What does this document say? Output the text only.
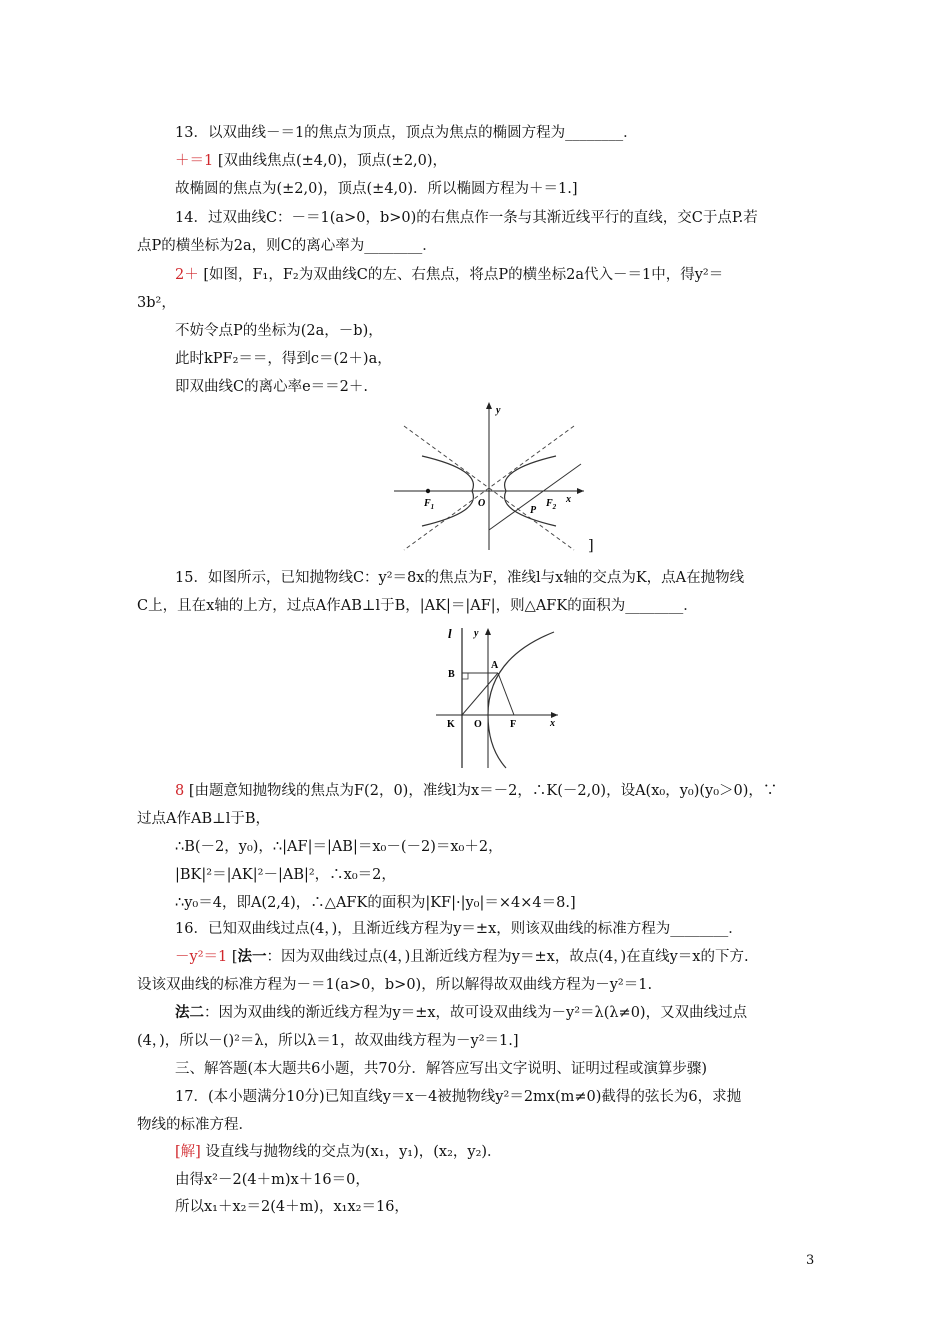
13．以双曲线－＝1的焦点为顶点，顶点为焦点的椭圆方程为________．
＋＝1 [双曲线焦点(±4,0)，顶点(±2,0)，
故椭圆的焦点为(±2,0)，顶点(±4,0)．所以椭圆方程为＋＝1.]
14．过双曲线C：－＝1(a>0，b>0)的右焦点作一条与其渐近线平行的直线，交C于点P.若
点P的横坐标为2a，则C的离心率为________．
2＋ [如图，F₁，F₂为双曲线C的左、右焦点，将点P的横坐标2a代入－＝1中，得y²＝
3b²，
不妨令点P的坐标为(2a，－b)，
此时kPF₂＝＝，得到c＝(2＋)a，
即双曲线C的离心率e＝＝2＋.
y
x
O
$F_1$	$F_2$
P
]
15．如图所示，已知抛物线C：y²＝8x的焦点为F，准线l与x轴的交点为K，点A在抛物线
C上，且在x轴的上方，过点A作AB⊥l于B，|AK|＝|AF|，则△AFK的面积为________．
l y
x
A
B
K O	F
8 [由题意知抛物线的焦点为F(2，0)，准线l为x＝－2，∴K(－2,0)，设A(x₀，y₀)(y₀＞0)，∵
过点A作AB⊥l于B，
∴B(－2，y₀)，∴|AF|＝|AB|＝x₀－(－2)＝x₀＋2，
|BK|²＝|AK|²－|AB|²，∴x₀＝2，
∴y₀＝4，即A(2,4)，∴△AFK的面积为|KF|·|y₀|＝×4×4＝8.]
16．已知双曲线过点(4，)，且渐近线方程为y＝±x，则该双曲线的标准方程为________．
－y²＝1 [法一：因为双曲线过点(4，)且渐近线方程为y＝±x，故点(4，)在直线y＝x的下方.
设该双曲线的标准方程为－＝1(a>0，b>0)，所以解得故双曲线方程为－y²＝1.
法二：因为双曲线的渐近线方程为y＝±x，故可设双曲线为－y²＝λ(λ≠0)，又双曲线过点
(4，)，所以－()²＝λ，所以λ＝1，故双曲线方程为－y²＝1.]
三、解答题(本大题共6小题，共70分．解答应写出文字说明、证明过程或演算步骤)
17．(本小题满分10分)已知直线y＝x－4被抛物线y²＝2mx(m≠0)截得的弦长为6，求抛
物线的标准方程．
[解] 设直线与抛物线的交点为(x₁，y₁)，(x₂，y₂)．
由得x²－2(4＋m)x＋16＝0，
所以x₁＋x₂＝2(4＋m)，x₁x₂＝16，
3
